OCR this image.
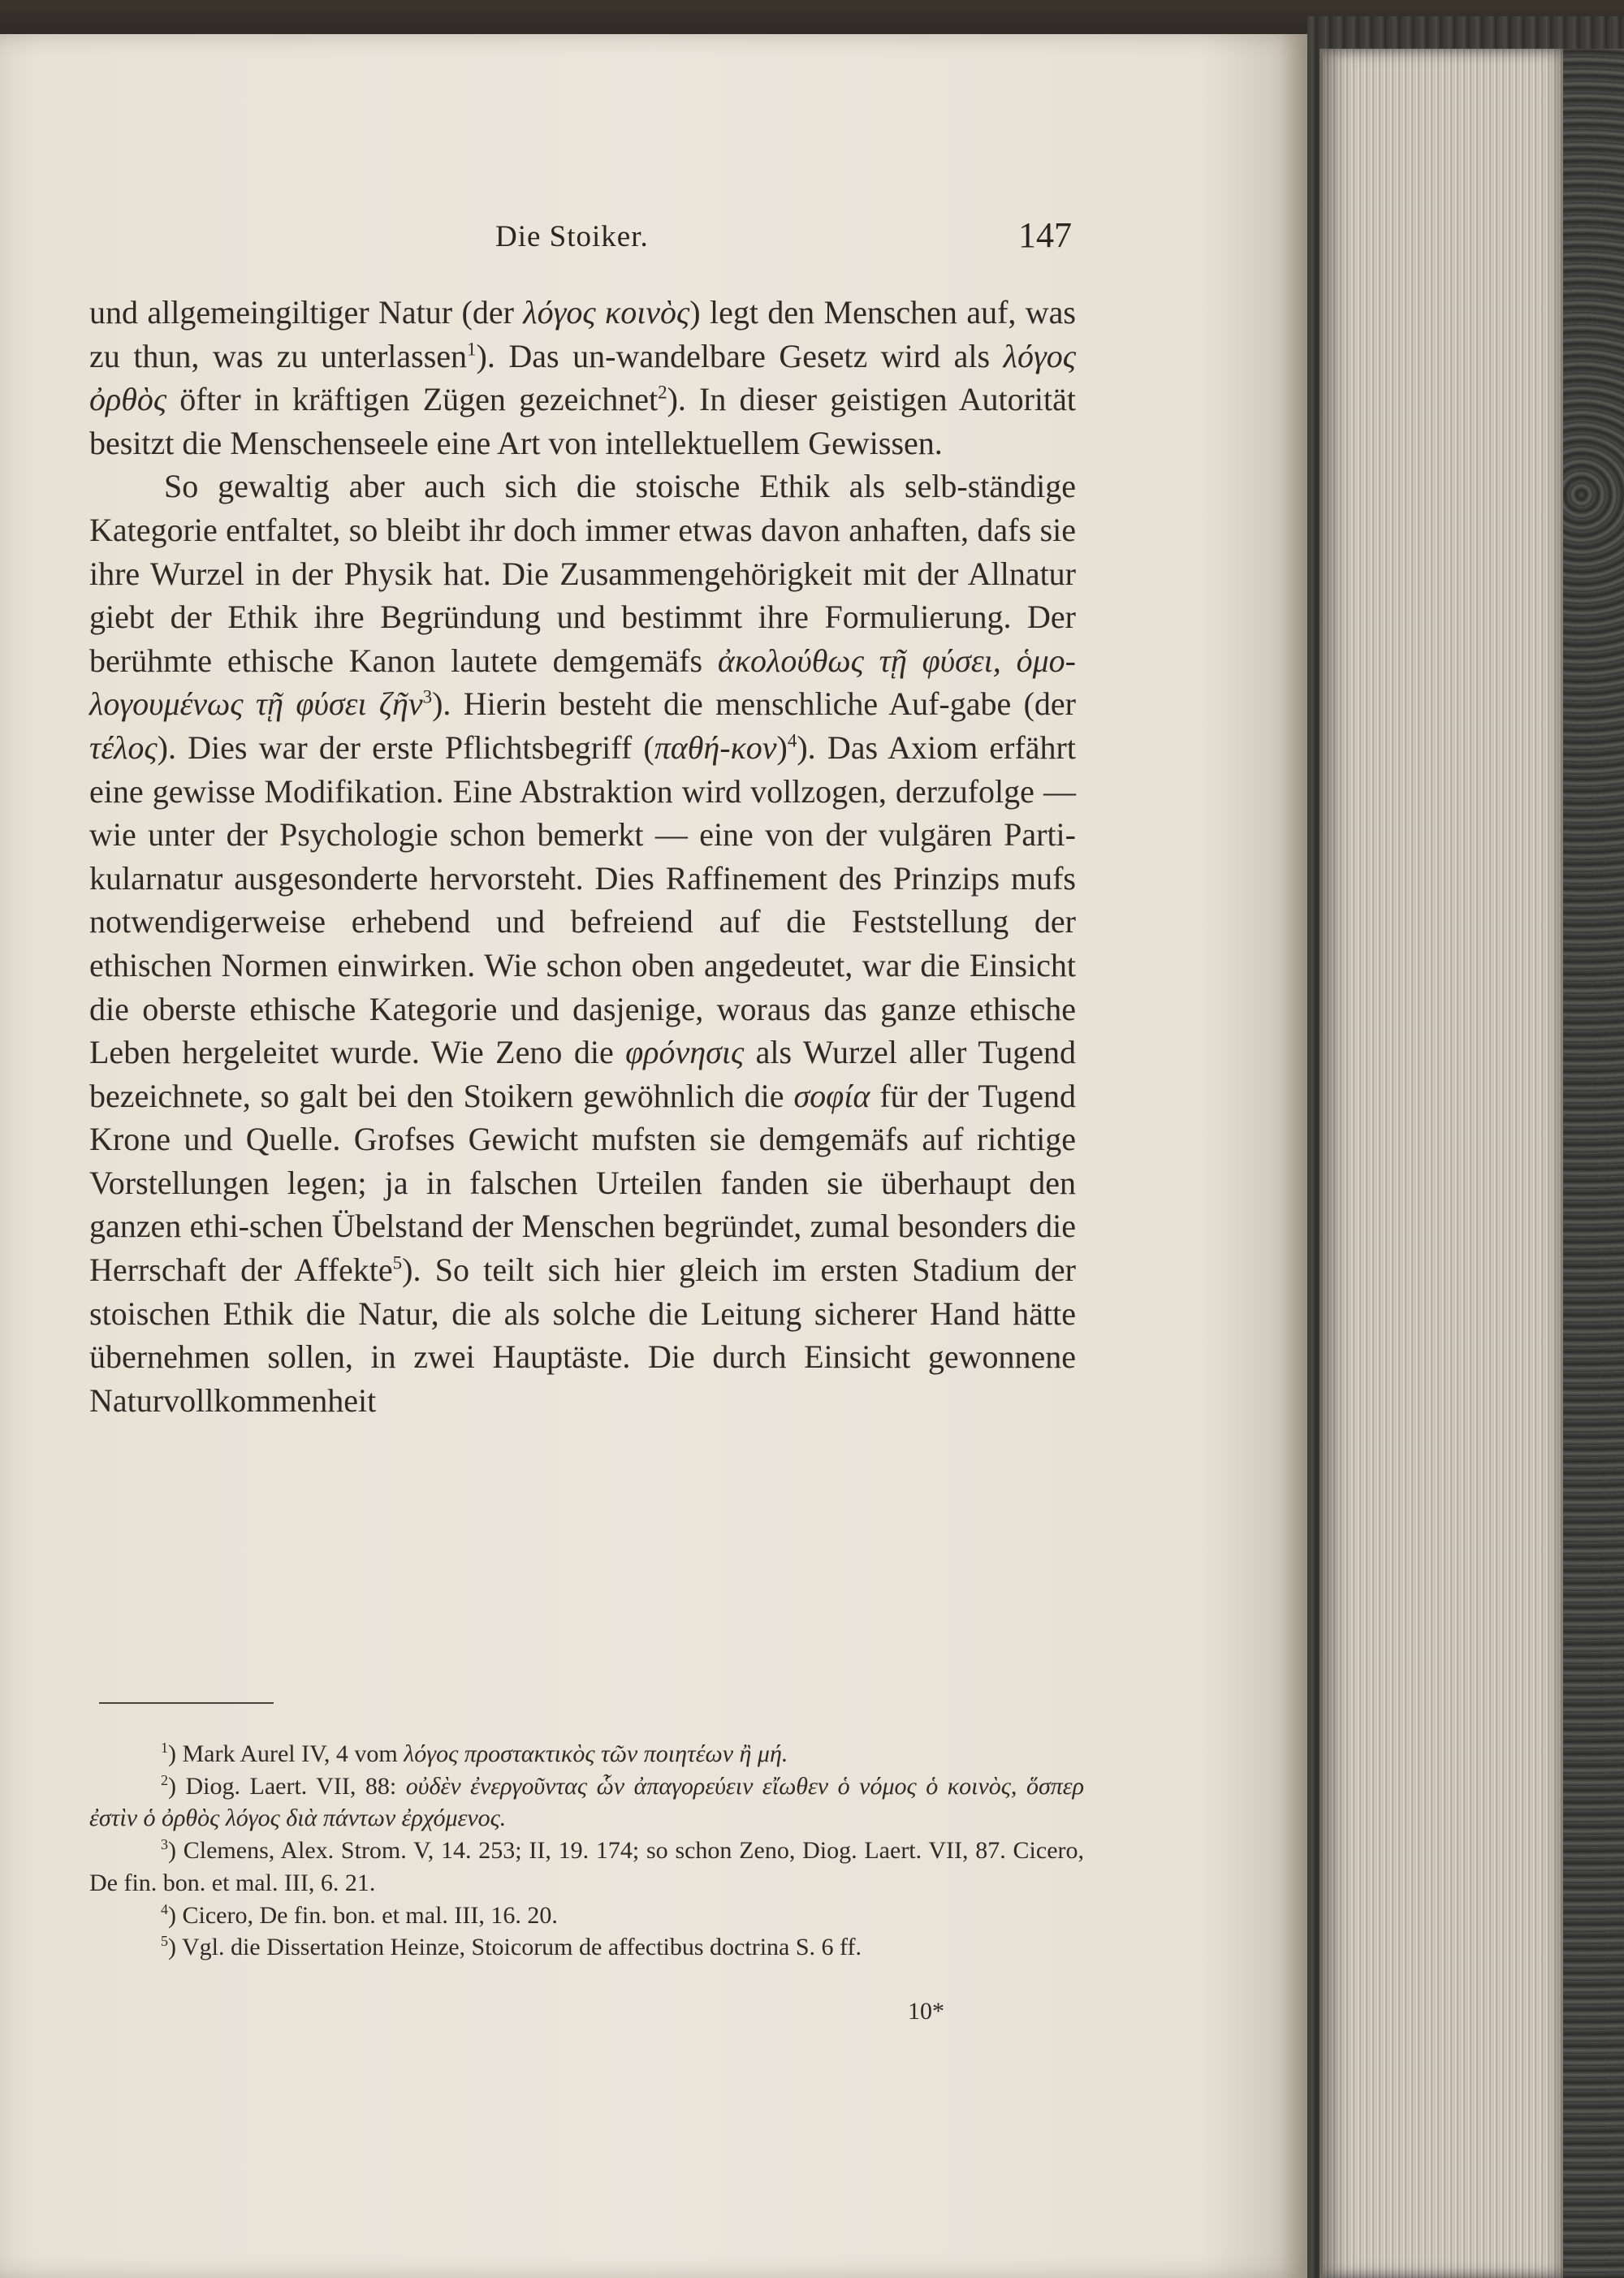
Die Stoiker.	147

und allgemeingiltiger Natur (der λόγος κοινὸς) legt den Menschen auf, was zu thun, was zu unterlassen$^1$). Das un-wandelbare Gesetz wird als λόγος ὀρθὸς öfter in kräftigen Zügen gezeichnet$^2$). In dieser geistigen Autorität besitzt die Menschenseele eine Art von intellektuellem Gewissen.

So gewaltig aber auch sich die stoische Ethik als selb-ständige Kategorie entfaltet, so bleibt ihr doch immer etwas davon anhaften, dafs sie ihre Wurzel in der Physik hat. Die Zusammengehörigkeit mit der Allnatur giebt der Ethik ihre Begründung und bestimmt ihre Formulierung. Der berühmte ethische Kanon lautete demgemäfs ἀκολούθως τῇ φύσει, ὁμο-λογουμένως τῇ φύσει ζῆν$^3$). Hierin besteht die menschliche Auf-gabe (der τέλος). Dies war der erste Pflichtsbegriff $(\pi\alpha\theta ή-\kappa o\nu)^4$). Das Axiom erfährt eine gewisse Modifikation. Eine Abstraktion wird vollzogen, derzufolge — wie unter der Psychologie schon bemerkt — eine von der vulgären Parti-kularnatur ausgesonderte hervorsteht. Dies Raffinement des Prinzips mufs notwendigerweise erhebend und befreiend auf die Feststellung der ethischen Normen einwirken. Wie schon oben angedeutet, war die Einsicht die oberste ethische Kategorie und dasjenige, woraus das ganze ethische Leben hergeleitet wurde. Wie Zeno die φρόνησις als Wurzel aller Tugend bezeichnete, so galt bei den Stoikern gewöhnlich die σοφία für der Tugend Krone und Quelle. Grofses Gewicht mufsten sie demgemäfs auf richtige Vorstellungen legen; ja in falschen Urteilen fanden sie überhaupt den ganzen ethi-schen Übelstand der Menschen begründet, zumal besonders die Herrschaft der Affekte$^5$). So teilt sich hier gleich im ersten Stadium der stoischen Ethik die Natur, die als solche die Leitung sicherer Hand hätte übernehmen sollen, in zwei Hauptäste. Die durch Einsicht gewonnene Naturvollkommenheit

$^1$) Mark Aurel IV, 4 vom λόγος προστακτικὸς τῶν ποιητέων ἢ μή.

$^2$) Diog. Laert. VII, 88: οὐδὲν ἐνεργοῦντας ὧν ἀπαγορεύειν εἴωθεν ὁ νόμος ὁ κοινὸς, ὅσπερ ἐστὶν ὁ ὀρθὸς λόγος διὰ πάντων ἐρχόμενος.

$^3$) Clemens, Alex. Strom. V, 14. 253; II, 19. 174; so schon Zeno, Diog. Laert. VII, 87. Cicero, De fin. bon. et mal. III, 6. 21.

$^4$) Cicero, De fin. bon. et mal. III, 16. 20.

$^5$) Vgl. die Dissertation Heinze, Stoicorum de affectibus doctrina S. 6 ff.

10*
